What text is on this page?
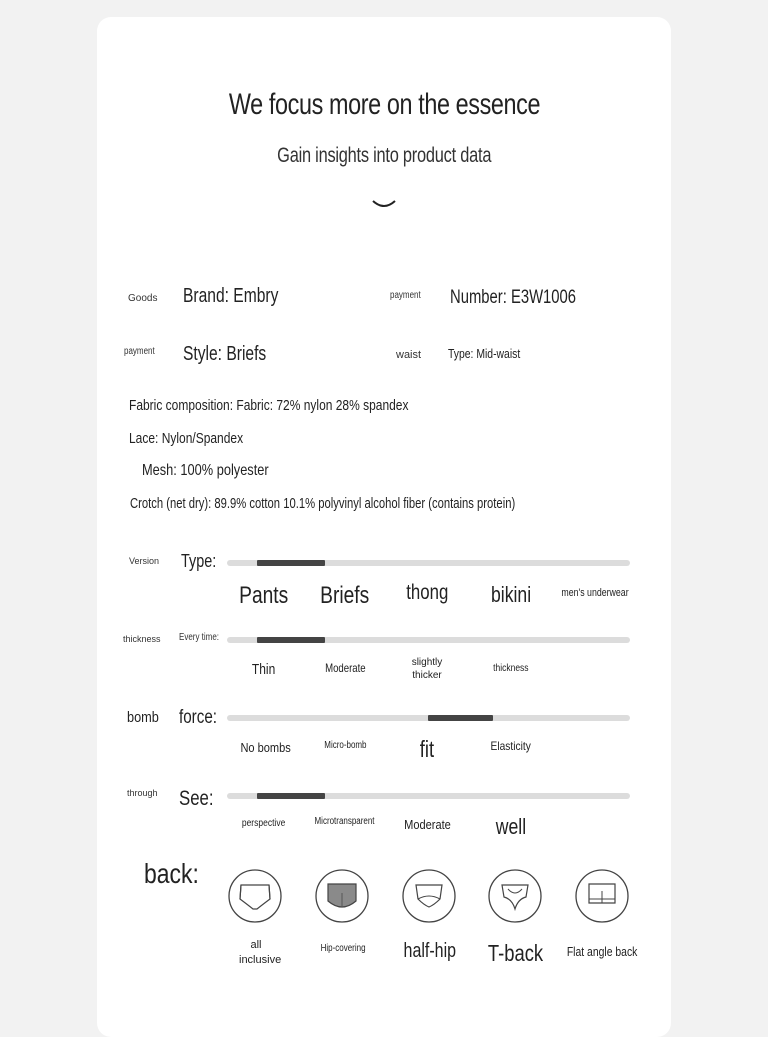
We focus more on the essence
Gain insights into product data
Goods Brand: Embry	payment	Number: E3W1006
payment	Style: Briefs	waist Type: Mid-waist
Fabric composition: Fabric: 72% nylon 28% spandex
Lace: Nylon/Spandex
Mesh: 100% polyester
Crotch (net dry): 89.9% cotton 10.1% polyvinyl alcohol fiber (contains protein)
Version Type:
Pants	Briefs	thong	bikini	men's underwear
thickness Every time:
Thin	Moderate	slightly thicker
thickness
bomb force:
No bombs	Micro-bomb	fit	Elasticity
through See:
perspective	Microtransparent	Moderate	well
back:
all inclusive
Hip-covering	half-hip	T-back	Flat angle back
